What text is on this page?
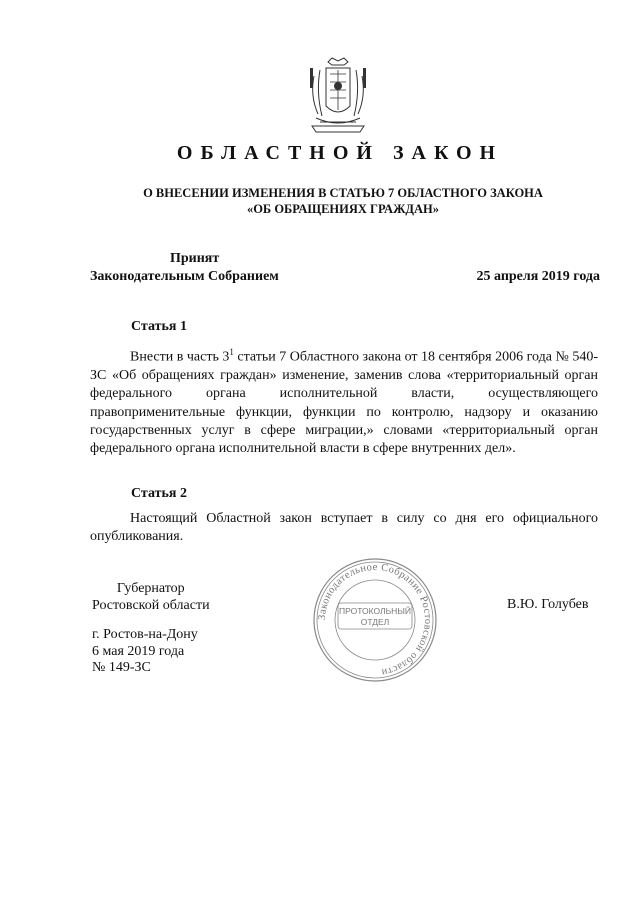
ОБЛАСТНОЙ ЗАКОН
О ВНЕСЕНИИ ИЗМЕНЕНИЯ В СТАТЬЮ 7 ОБЛАСТНОГО ЗАКОНА
«ОБ ОБРАЩЕНИЯХ ГРАЖДАН»
Принят
Законодательным Собранием	25 апреля 2019 года
Статья 1
Внести в часть $3^1$ статьи 7 Областного закона от 18 сентября 2006 года № 540-ЗС «Об обращениях граждан» изменение, заменив слова «территориальный орган федерального органа исполнительной власти, осуществляющего правоприменительные функции, функции по контролю, надзору и оказанию государственных услуг в сфере миграции,» словами «территориальный орган федерального органа исполнительной власти в сфере внутренних дел».
Статья 2
Настоящий Областной закон вступает в силу со дня его официального опубликования.
Губернатор
Ростовской области
Законодательное Собрание Ростовской области
ПРОТОКОЛЬНЫЙ
ОТДЕЛ
В.Ю. Голубев
г. Ростов-на-Дону
6 мая 2019 года
№ 149-ЗС
